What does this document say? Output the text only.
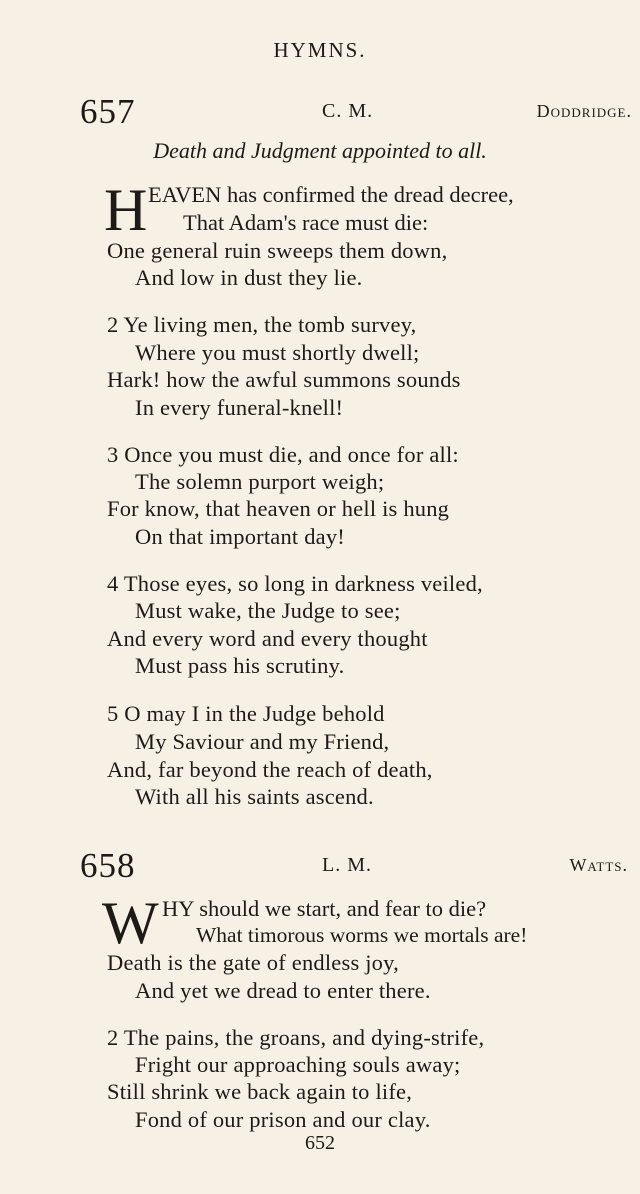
HYMNS.
657	C. M.	Doddridge.
Death and Judgment appointed to all.
H EAVEN has confirmed the dread decree,
That Adam's race must die:
One general ruin sweeps them down,
And low in dust they lie.
2 Ye living men, the tomb survey,
Where you must shortly dwell;
Hark! how the awful summons sounds
In every funeral-knell!
3 Once you must die, and once for all:
The solemn purport weigh;
For know, that heaven or hell is hung
On that important day!
4 Those eyes, so long in darkness veiled,
Must wake, the Judge to see;
And every word and every thought
Must pass his scrutiny.
5 O may I in the Judge behold
My Saviour and my Friend,
And, far beyond the reach of death,
With all his saints ascend.
658	L. M.	Watts.
W HY should we start, and fear to die?
What timorous worms we mortals are!
Death is the gate of endless joy,
And yet we dread to enter there.
2 The pains, the groans, and dying-strife,
Fright our approaching souls away;
Still shrink we back again to life,
Fond of our prison and our clay.
652
